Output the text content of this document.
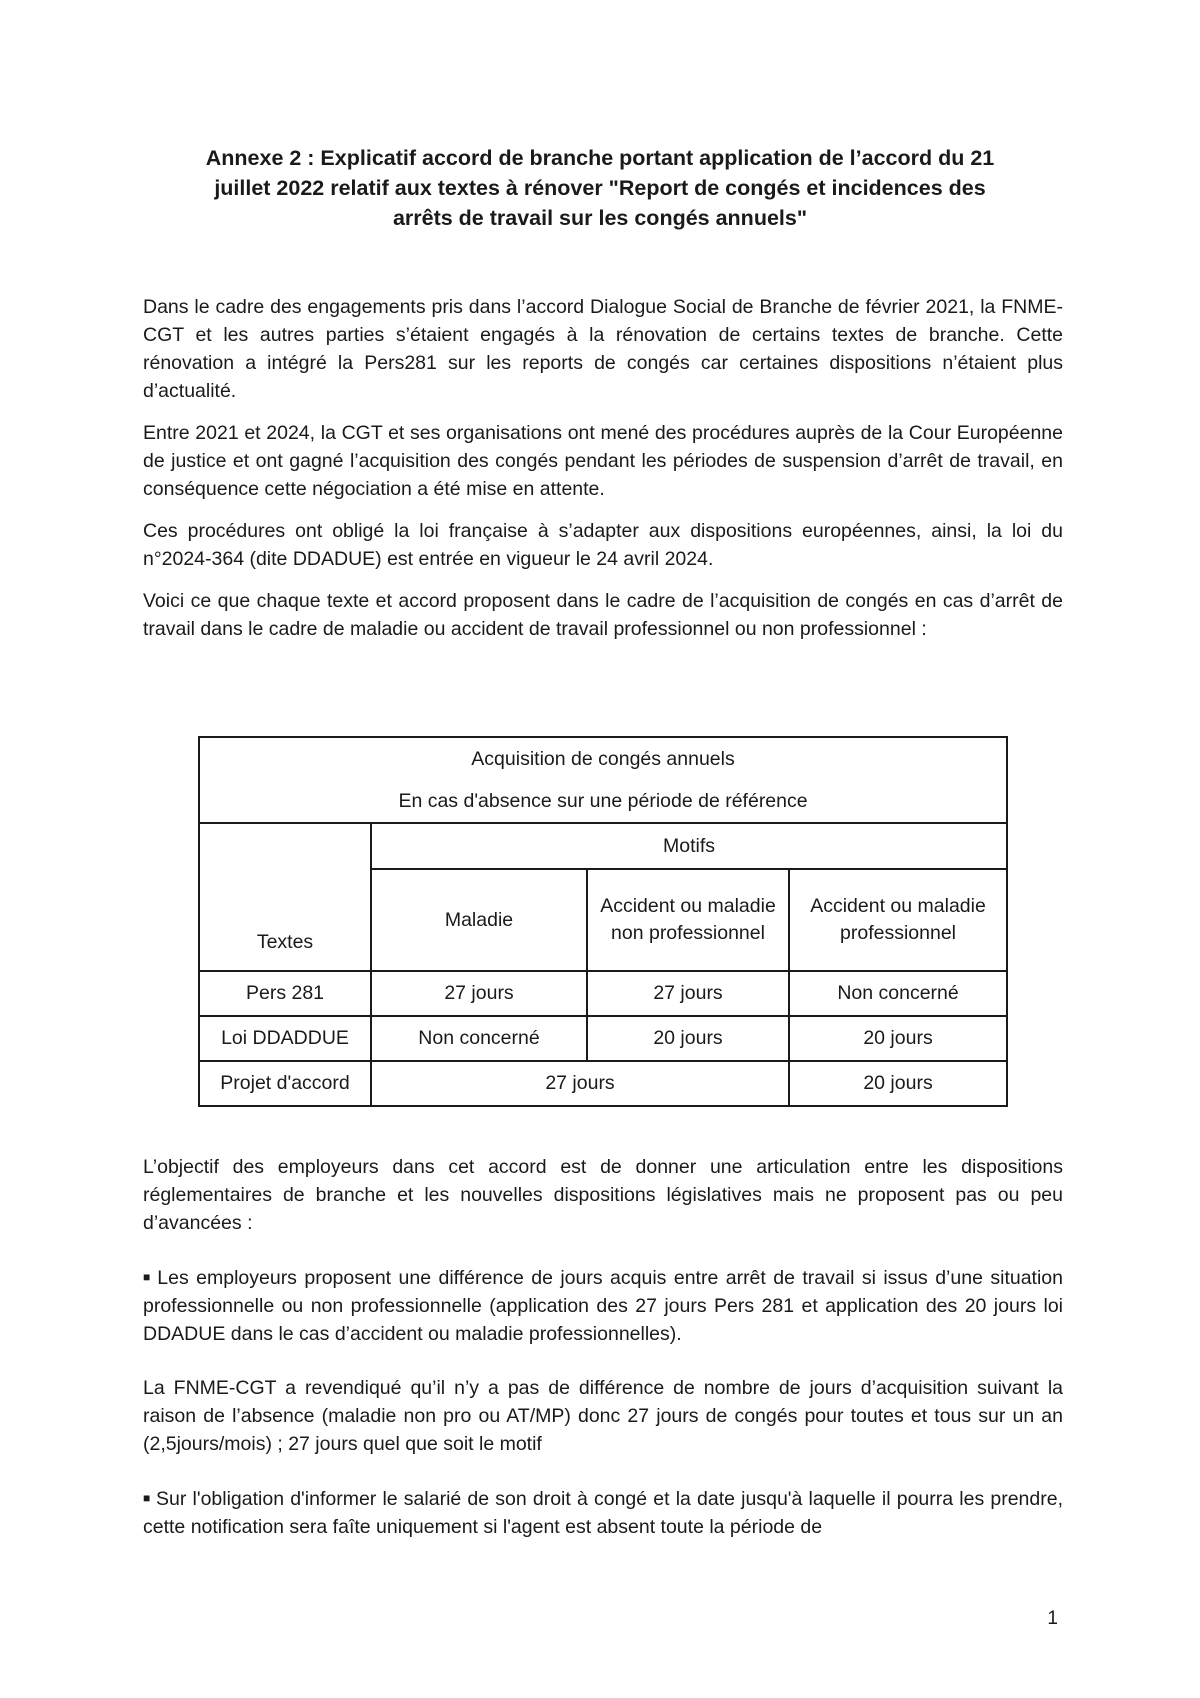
Annexe 2 : Explicatif accord de branche portant application de l’accord du 21
juillet 2022 relatif aux textes à rénover "Report de congés et incidences des
arrêts de travail sur les congés annuels"

Dans le cadre des engagements pris dans l’accord Dialogue Social de Branche de février 2021, la FNME-CGT et les autres parties s’étaient engagés à la rénovation de certains textes de branche. Cette rénovation a intégré la Pers281 sur les reports de congés car certaines dispositions n’étaient plus d’actualité.

Entre 2021 et 2024, la CGT et ses organisations ont mené des procédures auprès de la Cour Européenne de justice et ont gagné l’acquisition des congés pendant les périodes de suspension d’arrêt de travail, en conséquence cette négociation a été mise en attente.

Ces procédures ont obligé la loi française à s’adapter aux dispositions européennes, ainsi, la loi du n°2024-364 (dite DDADUE) est entrée en vigueur le 24 avril 2024.

Voici ce que chaque texte et accord proposent dans le cadre de l’acquisition de congés en cas d’arrêt de travail dans le cadre de maladie ou accident de travail professionnel ou non professionnel :

Acquisition de congés annuels
En cas d'absence sur une période de référence			

Textes	Motifs		
	Maladie	Accident ou maladie non professionnel	Accident ou maladie professionnel
Pers 281	27 jours	27 jours	Non concerné
Loi DDADDUE	Non concerné	20 jours	20 jours
Projet d'accord	27 jours		20 jours

L’objectif des employeurs dans cet accord est de donner une articulation entre les dispositions réglementaires de branche et les nouvelles dispositions législatives mais ne proposent pas ou peu d’avancées :

■ Les employeurs proposent une différence de jours acquis entre arrêt de travail si issus d’une situation professionnelle ou non professionnelle (application des 27 jours Pers 281 et application des 20 jours loi DDADUE dans le cas d’accident ou maladie professionnelles).

La FNME-CGT a revendiqué qu’il n’y a pas de différence de nombre de jours d’acquisition suivant la raison de l’absence (maladie non pro ou AT/MP) donc 27 jours de congés pour toutes et tous sur un an (2,5jours/mois) ; 27 jours quel que soit le motif

■ Sur l'obligation d'informer le salarié de son droit à congé et la date jusqu'à laquelle il pourra les prendre, cette notification sera faîte uniquement si l'agent est absent toute la période de

1
